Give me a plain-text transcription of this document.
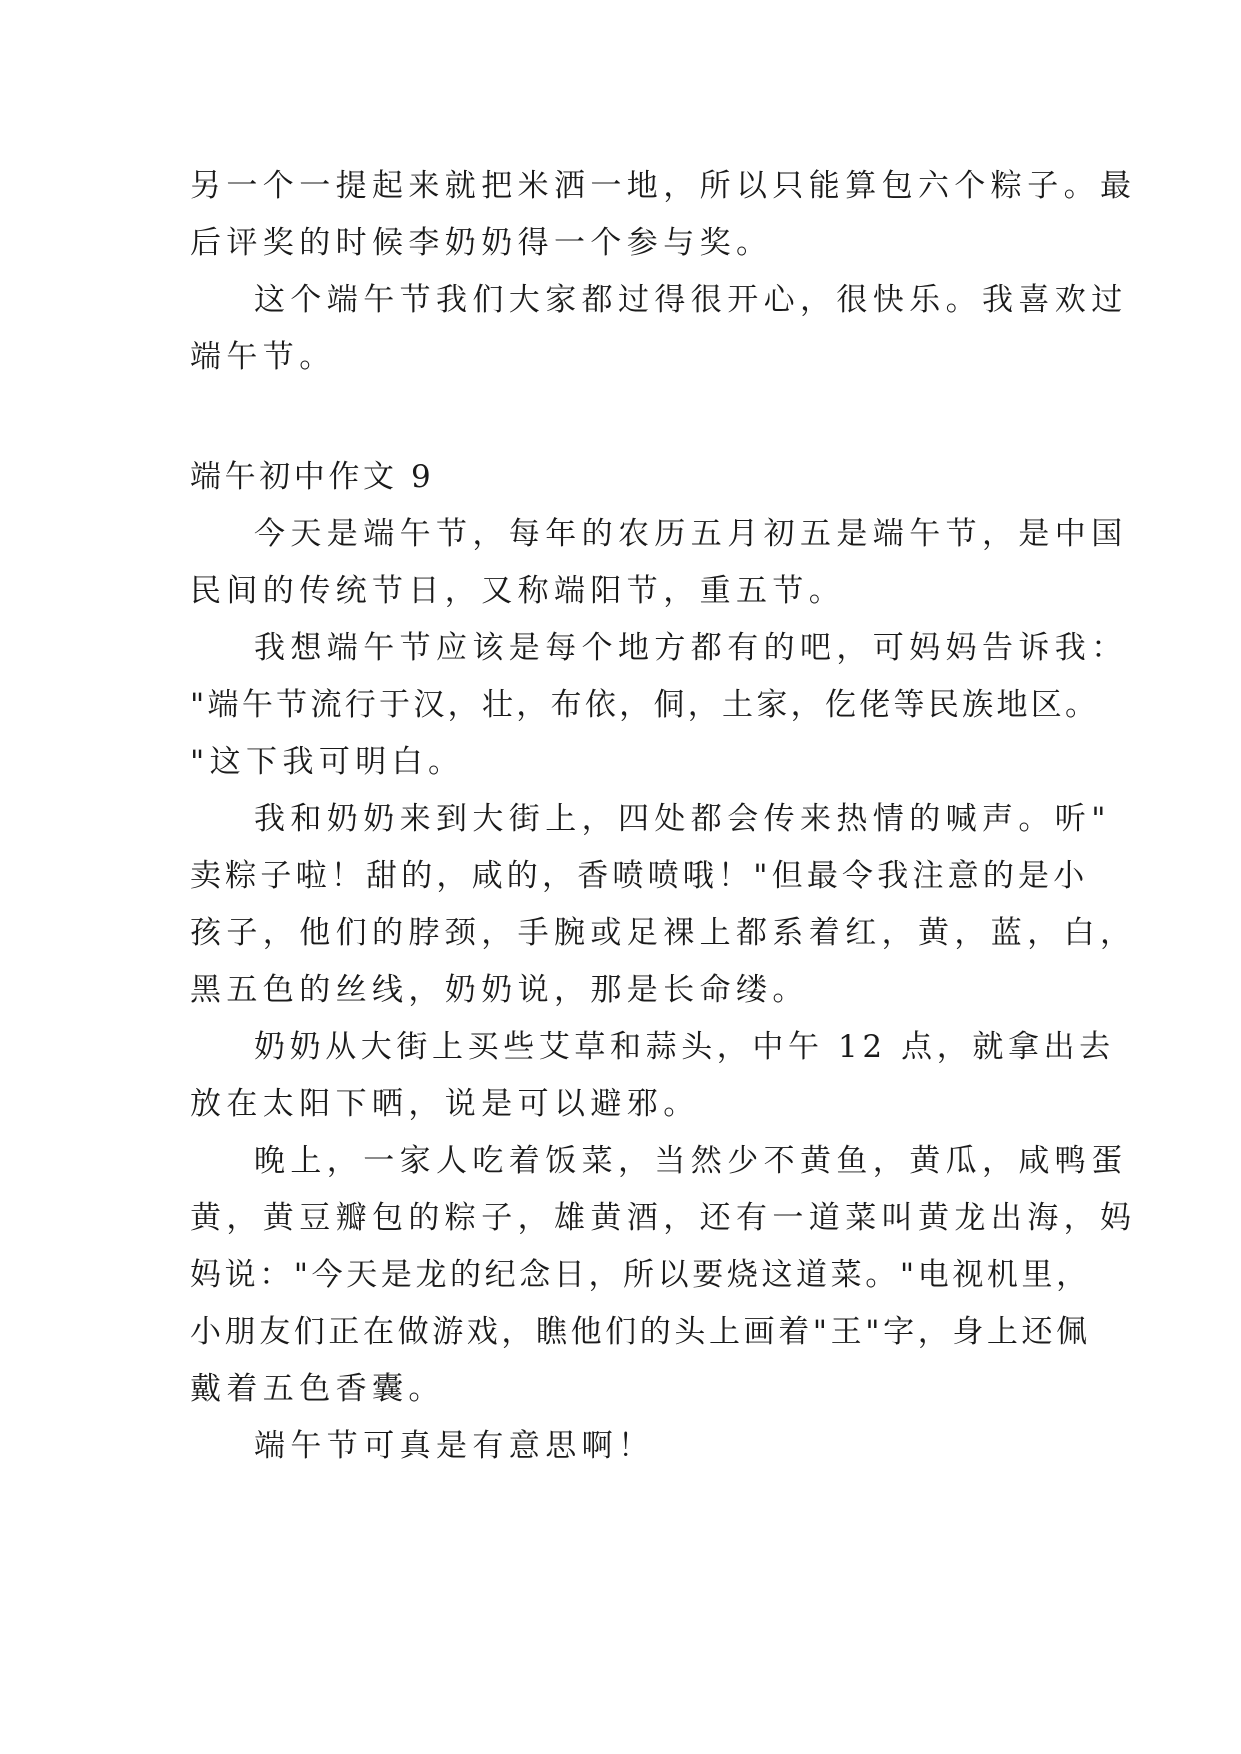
另一个一提起来就把米洒一地，所以只能算包六个粽子。最
后评奖的时候李奶奶得一个参与奖。
这个端午节我们大家都过得很开心，很快乐。我喜欢过
端午节。
端午初中作文 9
今天是端午节，每年的农历五月初五是端午节，是中国
民间的传统节日，又称端阳节，重五节。
我想端午节应该是每个地方都有的吧，可妈妈告诉我：
"端午节流行于汉，壮，布依，侗，土家，仡佬等民族地区。
"这下我可明白。
我和奶奶来到大街上，四处都会传来热情的喊声。听"
卖粽子啦！甜的，咸的，香喷喷哦！"但最令我注意的是小
孩子，他们的脖颈，手腕或足裸上都系着红，黄，蓝，白，
黑五色的丝线，奶奶说，那是长命缕。
奶奶从大街上买些艾草和蒜头，中午 12 点，就拿出去
放在太阳下晒，说是可以避邪。
晚上，一家人吃着饭菜，当然少不黄鱼，黄瓜，咸鸭蛋
黄，黄豆瓣包的粽子，雄黄酒，还有一道菜叫黄龙出海，妈
妈说："今天是龙的纪念日，所以要烧这道菜。"电视机里，
小朋友们正在做游戏，瞧他们的头上画着"王"字，身上还佩
戴着五色香囊。
端午节可真是有意思啊！
